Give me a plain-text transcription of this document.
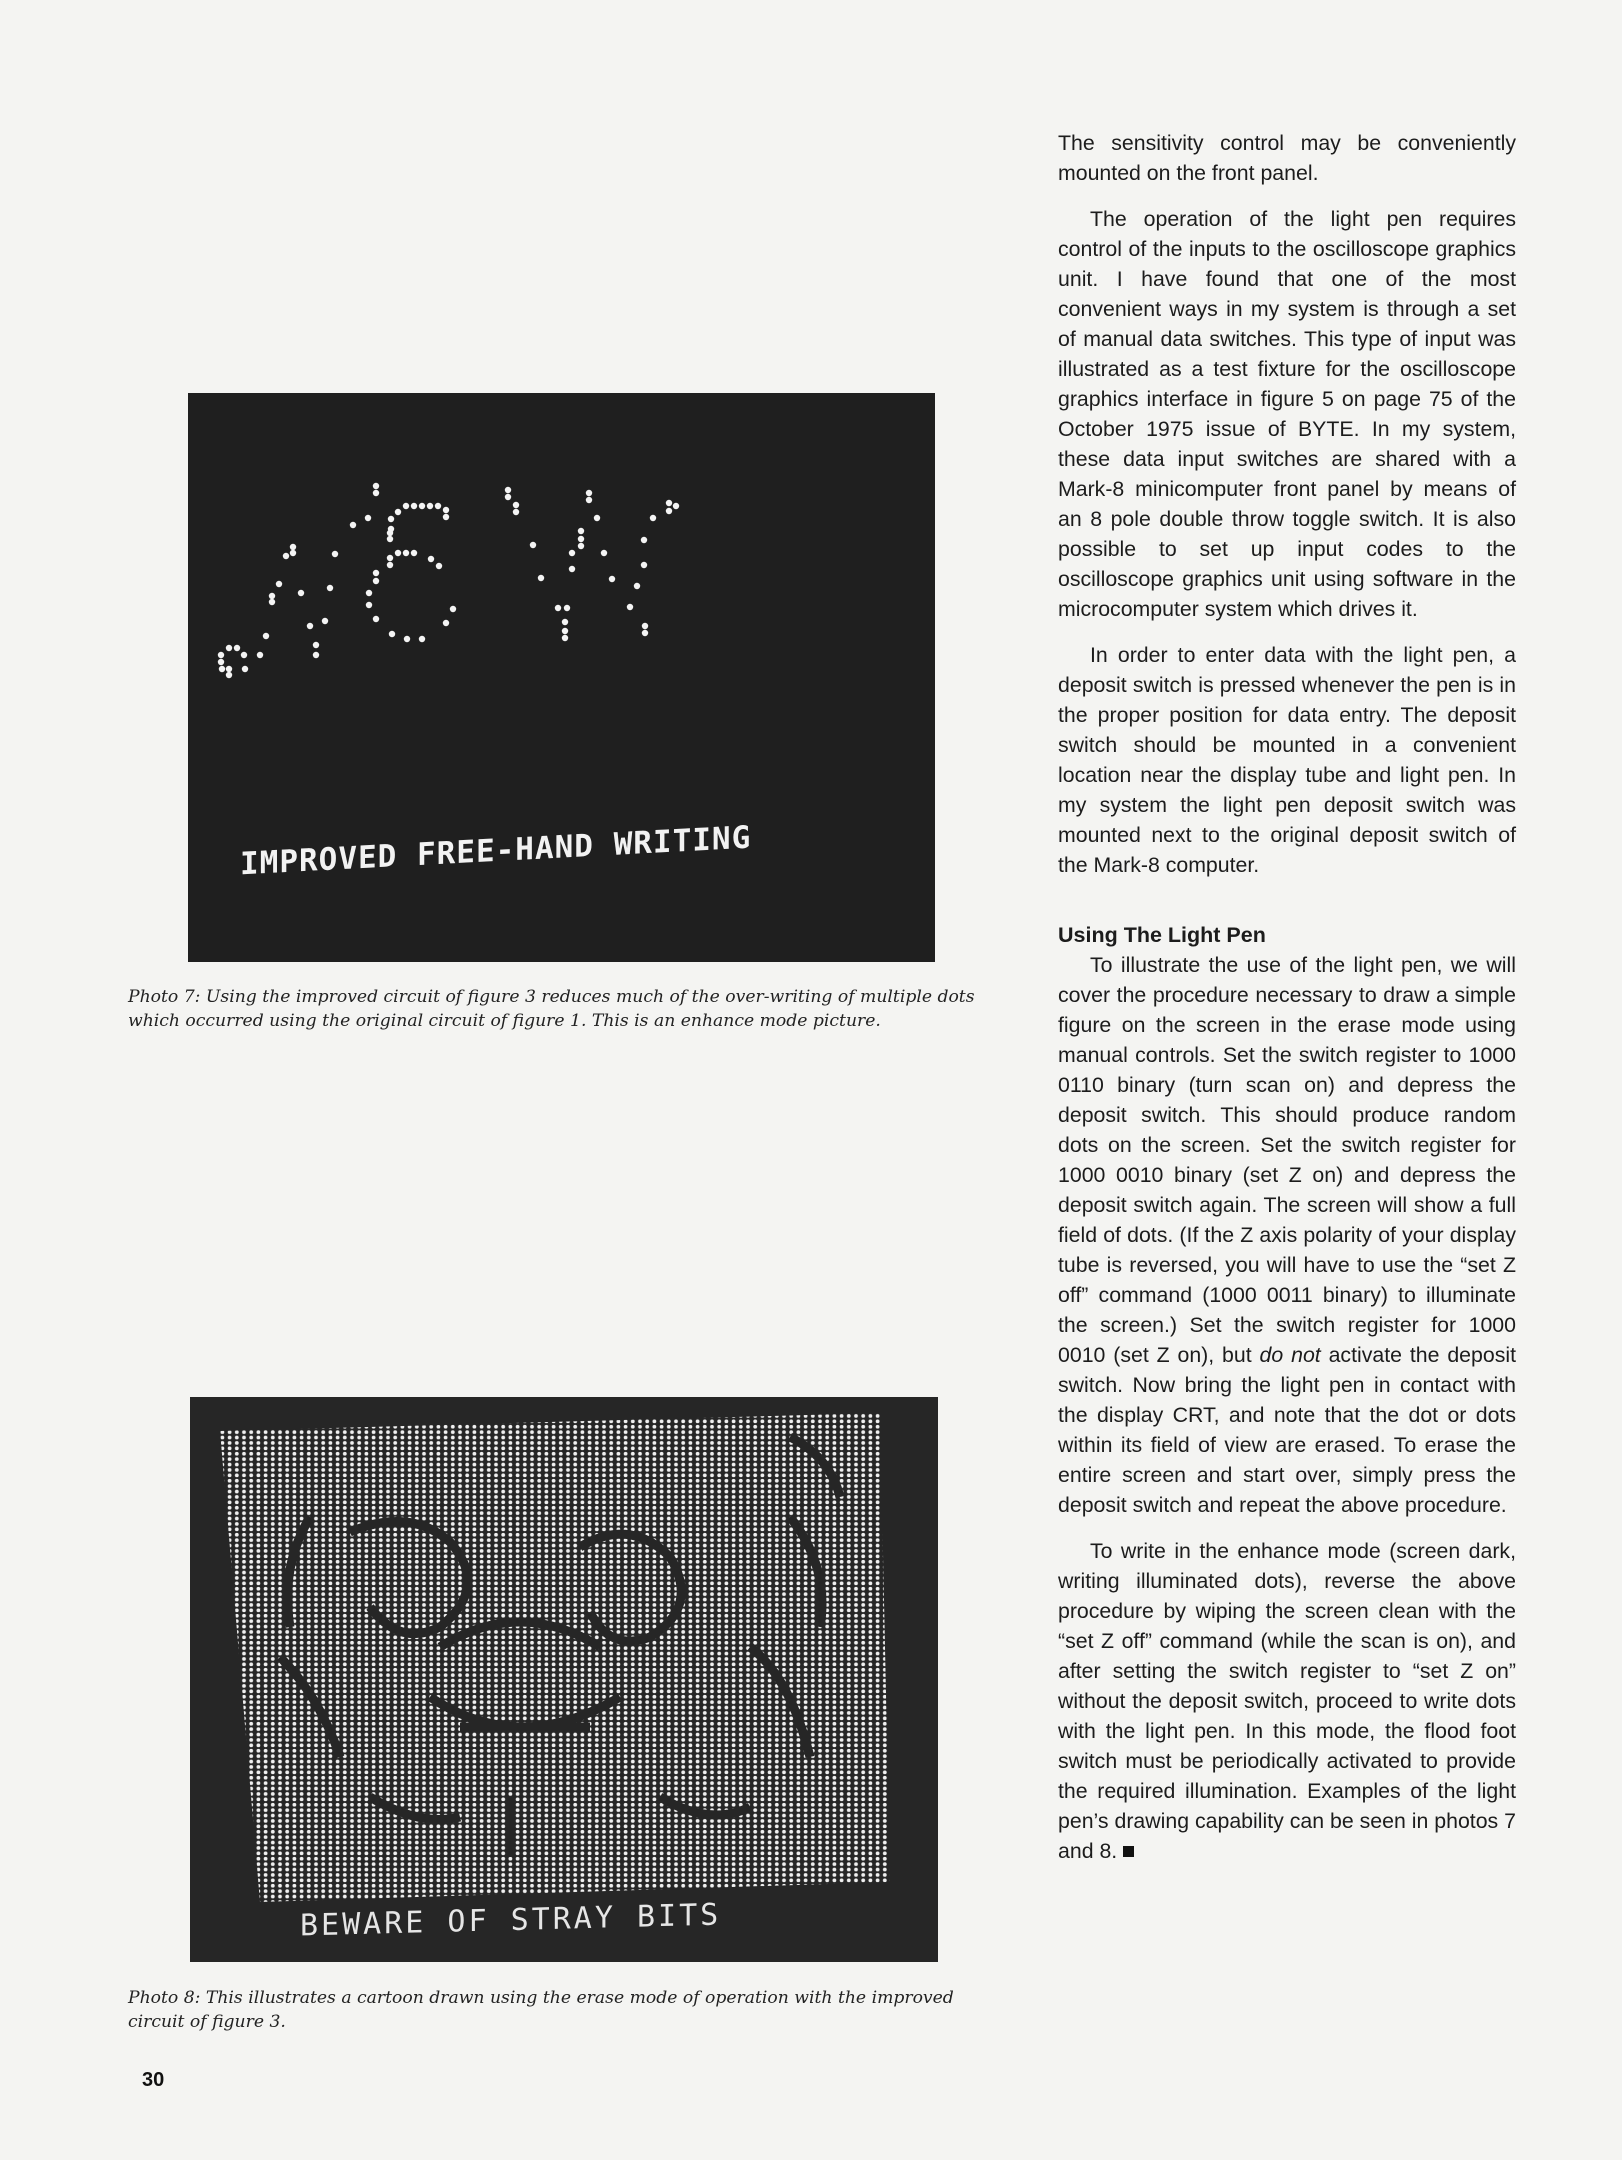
IMPROVED FREE-HAND WRITING
Photo 7: Using the improved circuit of figure 3 reduces much of the over-writing of multiple dots which occurred using the original circuit of figure 1. This is an enhance mode picture.
BEWARE OF STRAY BITS
Photo 8: This illustrates a cartoon drawn using the erase mode of operation with the improved circuit of figure 3.
30

The sensitivity control may be conveniently mounted on the front panel.

The operation of the light pen requires control of the inputs to the oscilloscope graphics unit. I have found that one of the most convenient ways in my system is through a set of manual data switches. This type of input was illustrated as a test fixture for the oscilloscope graphics interface in figure 5 on page 75 of the October 1975 issue of BYTE. In my system, these data input switches are shared with a Mark-8 minicomputer front panel by means of an 8 pole double throw toggle switch. It is also possible to set up input codes to the oscilloscope graphics unit using software in the microcomputer system which drives it.

In order to enter data with the light pen, a deposit switch is pressed whenever the pen is in the proper position for data entry. The deposit switch should be mounted in a convenient location near the display tube and light pen. In my system the light pen deposit switch was mounted next to the original deposit switch of the Mark-8 computer.

Using The Light Pen

To illustrate the use of the light pen, we will cover the procedure necessary to draw a simple figure on the screen in the erase mode using manual controls. Set the switch register to 1000 0110 binary (turn scan on) and depress the deposit switch. This should produce random dots on the screen. Set the switch register for 1000 0010 binary (set Z on) and depress the deposit switch again. The screen will show a full field of dots. (If the Z axis polarity of your display tube is reversed, you will have to use the “set Z off” command (1000 0011 binary) to illuminate the screen.) Set the switch register for 1000 0010 (set Z on), but do not activate the deposit switch. Now bring the light pen in contact with the display CRT, and note that the dot or dots within its field of view are erased. To erase the entire screen and start over, simply press the deposit switch and repeat the above procedure.

To write in the enhance mode (screen dark, writing illuminated dots), reverse the above procedure by wiping the screen clean with the “set Z off” command (while the scan is on), and after setting the switch register to “set Z on” without the deposit switch, proceed to write dots with the light pen. In this mode, the flood foot switch must be periodically activated to provide the required illumination. Examples of the light pen’s drawing capability can be seen in photos 7 and 8.
